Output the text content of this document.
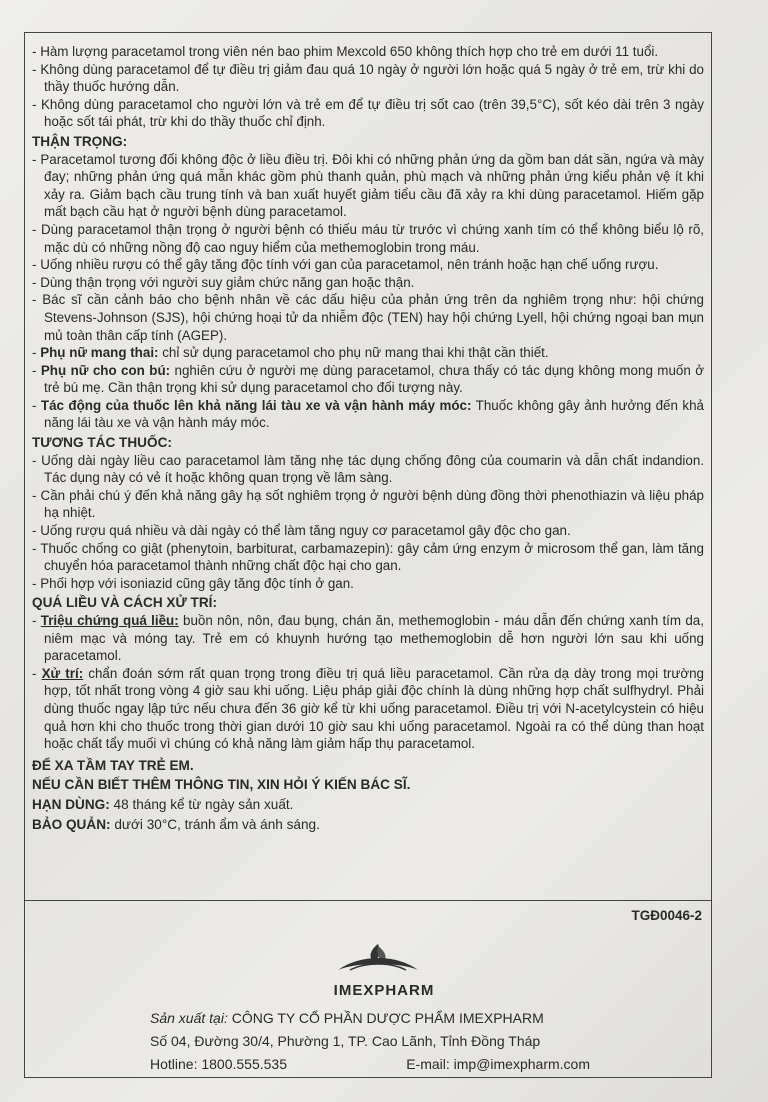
- Hàm lượng paracetamol trong viên nén bao phim Mexcold 650 không thích hợp cho trẻ em dưới 11 tuổi.

- Không dùng paracetamol để tự điều trị giảm đau quá 10 ngày ở người lớn hoặc quá 5 ngày ở trẻ em, trừ khi do thầy thuốc hướng dẫn.

- Không dùng paracetamol cho người lớn và trẻ em để tự điều trị sốt cao (trên 39,5°C), sốt kéo dài trên 3 ngày hoặc sốt tái phát, trừ khi do thầy thuốc chỉ định.

THẬN TRỌNG:

- Paracetamol tương đối không độc ở liều điều trị. Đôi khi có những phản ứng da gồm ban dát sần, ngứa và mày đay; những phản ứng quá mẫn khác gồm phù thanh quản, phù mạch và những phản ứng kiểu phản vệ ít khi xảy ra. Giảm bạch cầu trung tính và ban xuất huyết giảm tiểu cầu đã xảy ra khi dùng paracetamol. Hiếm gặp mất bạch cầu hạt ở người bệnh dùng paracetamol.

- Dùng paracetamol thận trọng ở người bệnh có thiếu máu từ trước vì chứng xanh tím có thể không biểu lộ rõ, mặc dù có những nồng độ cao nguy hiểm của methemoglobin trong máu.

- Uống nhiều rượu có thể gây tăng độc tính với gan của paracetamol, nên tránh hoặc hạn chế uống rượu.

- Dùng thận trọng với người suy giảm chức năng gan hoặc thận.

- Bác sĩ cần cảnh báo cho bệnh nhân về các dấu hiệu của phản ứng trên da nghiêm trọng như: hội chứng Stevens-Johnson (SJS), hội chứng hoại tử da nhiễm độc (TEN) hay hội chứng Lyell, hội chứng ngoại ban mụn mủ toàn thân cấp tính (AGEP).

- Phụ nữ mang thai: chỉ sử dụng paracetamol cho phụ nữ mang thai khi thật cần thiết.

- Phụ nữ cho con bú: nghiên cứu ở người mẹ dùng paracetamol, chưa thấy có tác dụng không mong muốn ở trẻ bú mẹ. Cần thận trọng khi sử dụng paracetamol cho đối tượng này.

- Tác động của thuốc lên khả năng lái tàu xe và vận hành máy móc: Thuốc không gây ảnh hưởng đến khả năng lái tàu xe và vận hành máy móc.

TƯƠNG TÁC THUỐC:

- Uống dài ngày liều cao paracetamol làm tăng nhẹ tác dụng chống đông của coumarin và dẫn chất indandion. Tác dụng này có vẻ ít hoặc không quan trọng về lâm sàng.

- Cần phải chú ý đến khả năng gây hạ sốt nghiêm trọng ở người bệnh dùng đồng thời phenothiazin và liệu pháp hạ nhiệt.

- Uống rượu quá nhiều và dài ngày có thể làm tăng nguy cơ paracetamol gây độc cho gan.

- Thuốc chống co giật (phenytoin, barbiturat, carbamazepin): gây cảm ứng enzym ở microsom thể gan, làm tăng chuyển hóa paracetamol thành những chất độc hại cho gan.

- Phối hợp với isoniazid cũng gây tăng độc tính ở gan.

QUÁ LIỀU VÀ CÁCH XỬ TRÍ:

- Triệu chứng quá liều: buồn nôn, nôn, đau bụng, chán ăn, methemoglobin - máu dẫn đến chứng xanh tím da, niêm mạc và móng tay. Trẻ em có khuynh hướng tạo methemoglobin dễ hơn người lớn sau khi uống paracetamol.

- Xử trí: chẩn đoán sớm rất quan trọng trong điều trị quá liều paracetamol. Cần rửa dạ dày trong mọi trường hợp, tốt nhất trong vòng 4 giờ sau khi uống. Liệu pháp giải độc chính là dùng những hợp chất sulfhydryl. Phải dùng thuốc ngay lập tức nếu chưa đến 36 giờ kể từ khi uống paracetamol. Điều trị với N-acetylcystein có hiệu quả hơn khi cho thuốc trong thời gian dưới 10 giờ sau khi uống paracetamol. Ngoài ra có thể dùng than hoạt hoặc chất tẩy muối vì chúng có khả năng làm giảm hấp thụ paracetamol.

ĐỂ XA TẦM TAY TRẺ EM.

NẾU CẦN BIẾT THÊM THÔNG TIN, XIN HỎI Ý KIẾN BÁC SĨ.

HẠN DÙNG: 48 tháng kể từ ngày sản xuất.

BẢO QUẢN: dưới 30°C, tránh ẩm và ánh sáng.

TGĐ0046-2
IMEXPHARM
Sản xuất tại: CÔNG TY CỔ PHẦN DƯỢC PHẨM IMEXPHARM
Số 04, Đường 30/4, Phường 1, TP. Cao Lãnh, Tỉnh Đồng Tháp
Hotline: 1800.555.535	E-mail: imp@imexpharm.com
